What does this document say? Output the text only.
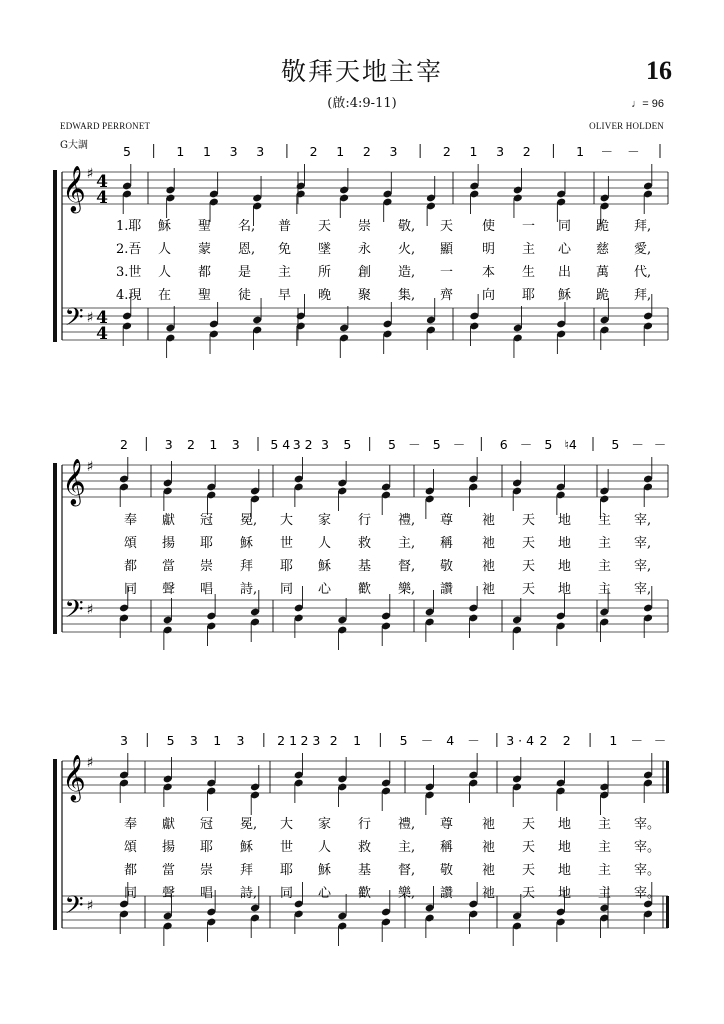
敬拜天地主宰
(啟:4:9-11)
16
♩= 96
EDWARD PERRONET	OLIVER HOLDEN
G大調
𝄞
𝄢
♯
♯
4
4
4
4
5	1 1 3 3	2 1 2 3	2 1 3 2	1 － －
1.耶 穌 聖 名, 普 天 崇 敬, 天 使 一 同 跪 拜,
2.吾 人 蒙 恩, 免 墜 永 火, 顯 明 主 心 慈 愛,
3.世 人 都 是 主 所 創 造, 一 本 生 出 萬 代,
4.現 在 聖 徒 早 晚 聚 集, 齊 向 耶 穌 跪 拜,
𝄞
𝄢
♯
♯
2	3 2 1 3 5 4 3 2 3 5	5 － 5 －	6 － 5 ♮4	5 － －
奉 獻 冠 冕, 大 家 行 禮, 尊 祂 天 地 主 宰,
頌 揚 耶 穌 世 人 救 主, 稱 祂 天 地 主 宰,
都 當 崇 拜 耶 穌 基 督, 敬 祂 天 地 主 宰,
同 聲 唱 詩, 同 心 歡 樂, 讚 祂 天 地 主 宰,
𝄞
𝄢
♯
♯
3	5 3 1 3	2 1 2 3 2 1	5 － 4 － 3 · 4 2 2	1 － －
奉 獻 冠 冕, 大 家 行 禮, 尊 祂 天 地 主 宰。
頌 揚 耶 穌 世 人 救 主, 稱 祂 天 地 主 宰。
都 當 崇 拜 耶 穌 基 督, 敬 祂 天 地 主 宰。
同 聲 唱 詩, 同 心 歡 樂, 讚 祂 天 地 主 宰。
